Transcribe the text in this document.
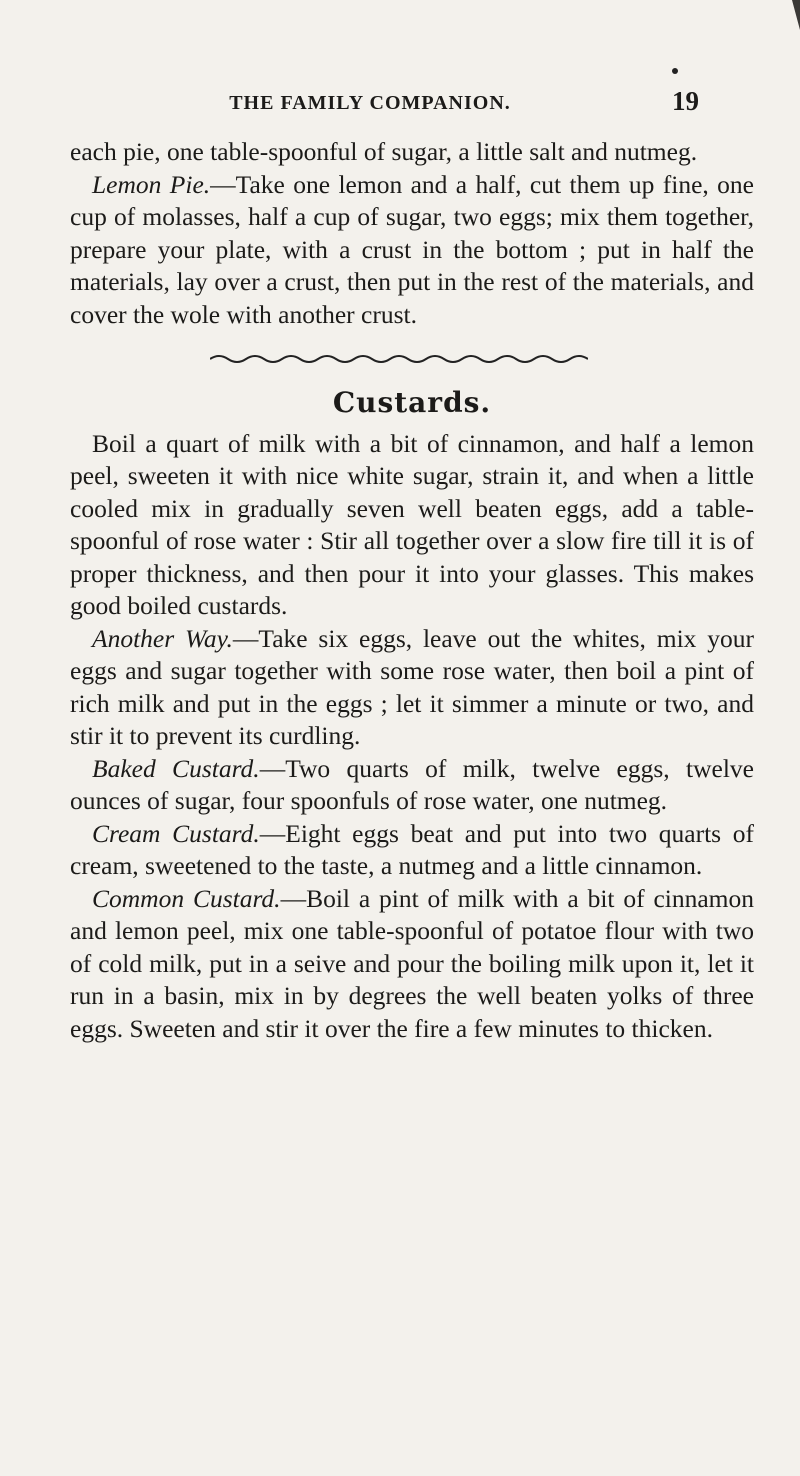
THE FAMILY COMPANION.	19

each pie, one table-spoonful of sugar, a little salt and nutmeg.

Lemon Pie.—Take one lemon and a half, cut them up fine, one cup of molasses, half a cup of sugar, two eggs; mix them together, prepare your plate, with a crust in the bottom ; put in half the materials, lay over a crust, then put in the rest of the materials, and cover the wole with another crust.

Custards.

Boil a quart of milk with a bit of cinnamon, and half a lemon peel, sweeten it with nice white sugar, strain it, and when a little cooled mix in gradually seven well beaten eggs, add a table-spoonful of rose water : Stir all together over a slow fire till it is of proper thickness, and then pour it into your glasses. This makes good boiled custards.

Another Way.—Take six eggs, leave out the whites, mix your eggs and sugar together with some rose water, then boil a pint of rich milk and put in the eggs ; let it simmer a minute or two, and stir it to prevent its curdling.

Baked Custard.—Two quarts of milk, twelve eggs, twelve ounces of sugar, four spoonfuls of rose water, one nutmeg.

Cream Custard.—Eight eggs beat and put into two quarts of cream, sweetened to the taste, a nutmeg and a little cinnamon.

Common Custard.—Boil a pint of milk with a bit of cinnamon and lemon peel, mix one table-spoonful of potatoe flour with two of cold milk, put in a seive and pour the boiling milk upon it, let it run in a basin, mix in by degrees the well beaten yolks of three eggs. Sweeten and stir it over the fire a few minutes to thicken.
